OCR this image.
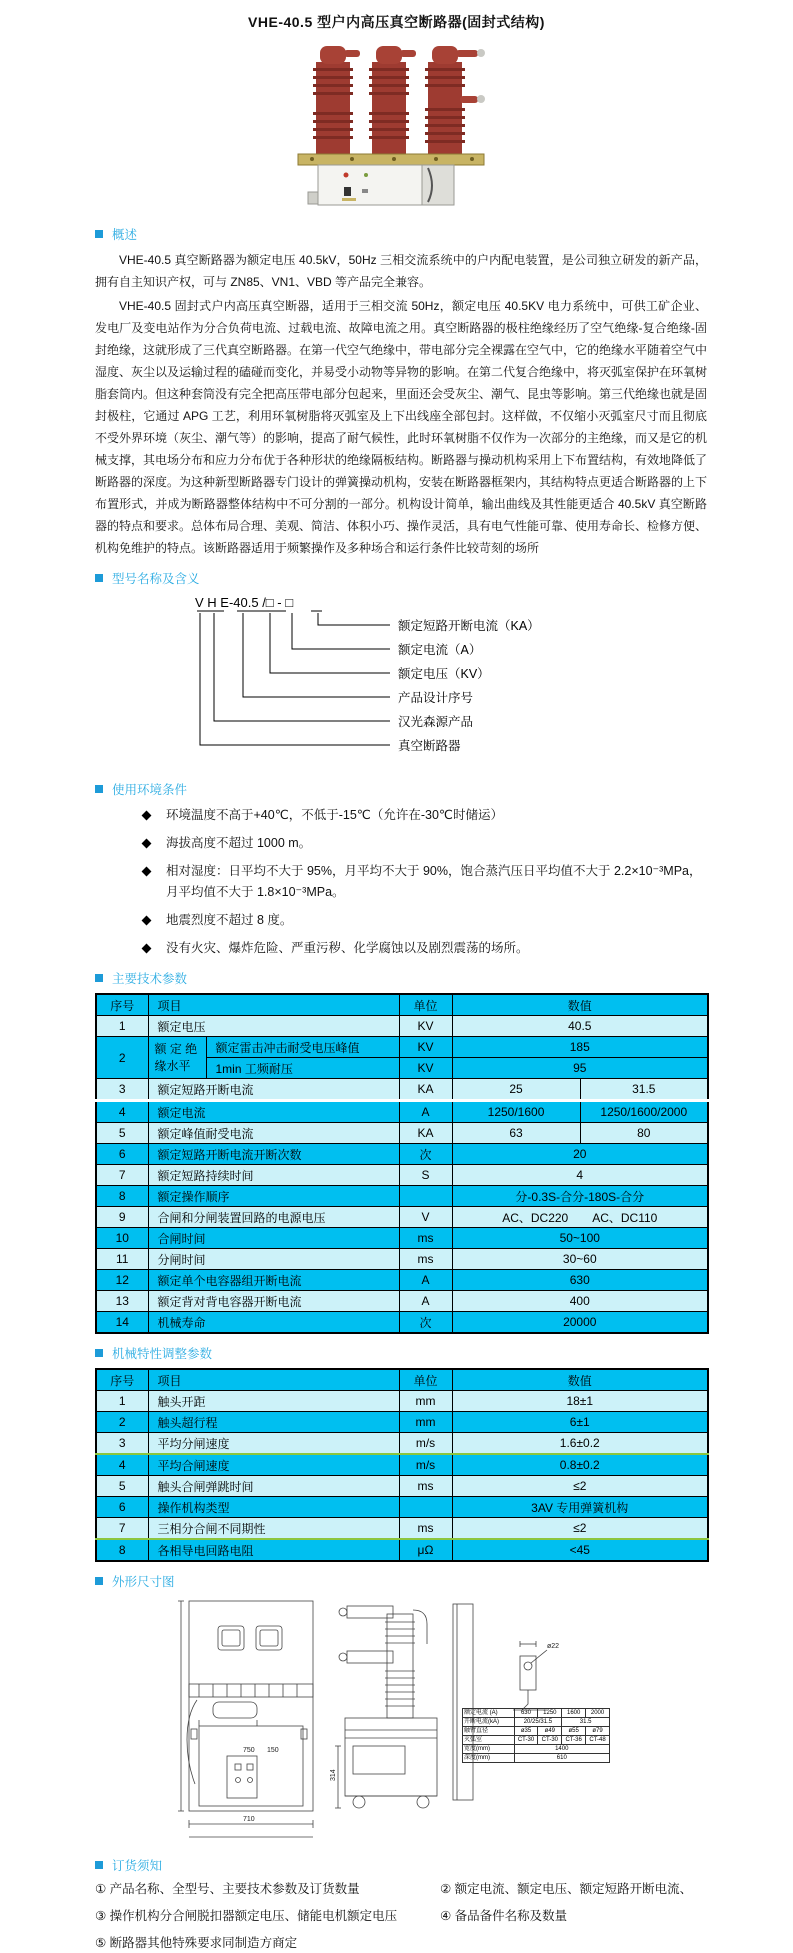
VHE-40.5 型户内高压真空断路器(固封式结构)
概述

VHE-40.5 真空断路器为额定电压 40.5kV，50Hz 三相交流系统中的户内配电装置，是公司独立研发的新产品，拥有自主知识产权，可与 ZN85、VN1、VBD 等产品完全兼容。

VHE-40.5 固封式户内高压真空断器，适用于三相交流 50Hz，额定电压 40.5KV 电力系统中，可供工矿企业、发电厂及变电站作为分合负荷电流、过载电流、故障电流之用。真空断路器的极柱绝缘经历了空气绝缘-复合绝缘-固封绝缘，这就形成了三代真空断路器。在第一代空气绝缘中，带电部分完全裸露在空气中，它的绝缘水平随着空气中湿度、灰尘以及运输过程的磕碰而变化，并易受小动物等异物的影响。在第二代复合绝缘中，将灭弧室保护在环氧树脂套筒内。但这种套筒没有完全把高压带电部分包起来，里面还会受灰尘、潮气、昆虫等影响。第三代绝缘也就是固封极柱，它通过 APG 工艺，利用环氧树脂将灭弧室及上下出线座全部包封。这样做，不仅缩小灭弧室尺寸而且彻底不受外界环境（灰尘、潮气等）的影响，提高了耐气候性，此时环氧树脂不仅作为一次部分的主绝缘，而又是它的机械支撑，其电场分布和应力分布优于各种形状的绝缘隔板结构。断路器与操动机构采用上下布置结构，有效地降低了断路器的深度。为这种新型断路器专门设计的弹簧操动机构，安装在断路器框架内，其结构特点更适合断路器的上下布置形式，并成为断路器整体结构中不可分割的一部分。机构设计简单，输出曲线及其性能更适合 40.5kV 真空断路器的特点和要求。总体布局合理、美观、简洁、体积小巧、操作灵活，具有电气性能可靠、使用寿命长、检修方便、机构免维护的特点。该断路器适用于频繁操作及多种场合和运行条件比较苛刻的场所

型号名称及含义
V H E-40.5 /□ - □
额定短路开断电流（KA）
额定电流（A）
额定电压（KV）
产品设计序号
汉光森源产品
真空断路器
使用环境条件
环境温度不高于+40℃，不低于-15℃（允许在-30℃时储运）
海拔高度不超过 1000 m。
相对湿度：日平均不大于 95%，月平均不大于 90%，饱合蒸汽压日平均值不大于 2.2×10⁻³MPa，月平均值不大于 1.8×10⁻³MPa。
地震烈度不超过 8 度。
没有火灾、爆炸危险、严重污秽、化学腐蚀以及剧烈震荡的场所。
主要技术参数
序号	项目		单位	数值	
1	额定电压		KV	40.5	
2	额 定 绝缘水平	额定雷击冲击耐受电压峰值	KV	185	
		1min 工频耐压	KV	95	
3	额定短路开断电流		KA	25	31.5
4	额定电流		A	1250/1600	1250/1600/2000
5	额定峰值耐受电流		KA	63	80
6	额定短路开断电流开断次数		次	20	
7	额定短路持续时间		S	4	
8	额定操作顺序			分-0.3S-合分-180S-合分	
9	合闸和分闸装置回路的电源电压		V	AC、DC220　　AC、DC110	
10	合闸时间		ms	50~100	
11	分闸时间		ms	30~60	
12	额定单个电容器组开断电流		A	630	
13	额定背对背电容器开断电流		A	400	
14	机械寿命		次	20000	
机械特性调整参数
序号	项目	单位	数值
1	触头开距	mm	18±1
2	触头超行程	mm	6±1
3	平均分闸速度	m/s	1.6±0.2
4	平均合闸速度	m/s	0.8±0.2
5	触头合闸弹跳时间	ms	≤2
6	操作机构类型		3AV 专用弹簧机构
7	三相分合闸不同期性	ms	≤2
8	各相导电回路电阻	μΩ	<45
外形尺寸图
750 150
710
314
ø22
额定电流 (A)	630	1250	1600	2000
开断电流(kA)	20/25/31.5		31.5	
触臂直径	ø35	ø49	ø55	ø79
灭弧室	CT-30	CT-30	CT-36	CT-48
宽度(mm)	1400			
深度(mm)	610			
订货须知
① 产品名称、全型号、主要技术参数及订货数量	② 额定电流、额定电压、额定短路开断电流、
③ 操作机构分合闸脱扣器额定电压、储能电机额定电压	④ 备品备件名称及数量
⑤ 断路器其他特殊要求同制造方商定
